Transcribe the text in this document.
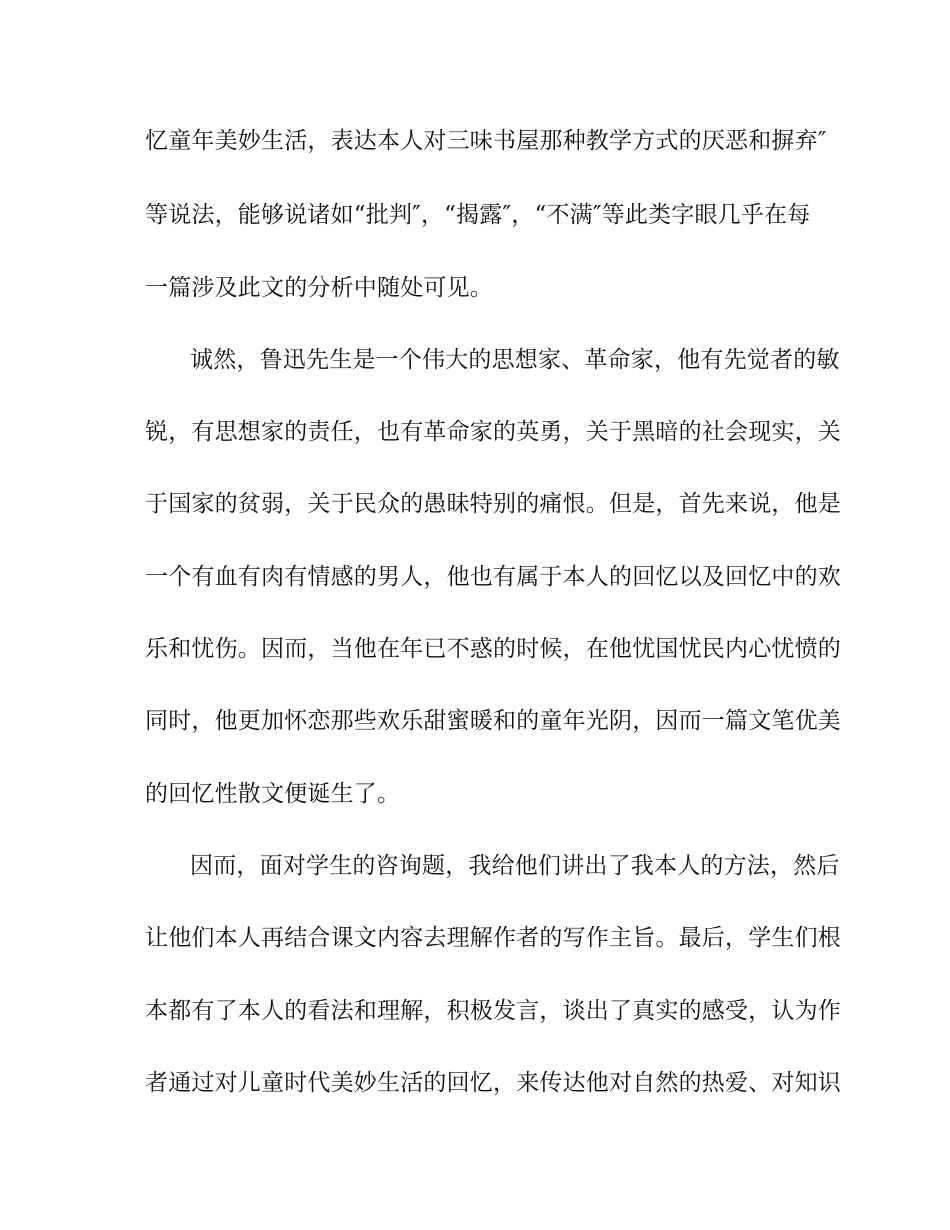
忆童年美妙生活，表达本人对三味书屋那种教学方式的厌恶和摒弃″
等说法，能够说诸如“批判″，“揭露″，“不满″等此类字眼几乎在每
一篇涉及此文的分析中随处可见。
诚然，鲁迅先生是一个伟大的思想家、革命家，他有先觉者的敏
锐，有思想家的责任，也有革命家的英勇，关于黑暗的社会现实，关
于国家的贫弱，关于民众的愚昧特别的痛恨。但是，首先来说，他是
一个有血有肉有情感的男人，他也有属于本人的回忆以及回忆中的欢
乐和忧伤。因而，当他在年已不惑的时候，在他忧国忧民内心忧愤的
同时，他更加怀恋那些欢乐甜蜜暖和的童年光阴，因而一篇文笔优美
的回忆性散文便诞生了。
因而，面对学生的咨询题，我给他们讲出了我本人的方法，然后
让他们本人再结合课文内容去理解作者的写作主旨。最后，学生们根
本都有了本人的看法和理解，积极发言，谈出了真实的感受，认为作
者通过对儿童时代美妙生活的回忆，来传达他对自然的热爱、对知识
